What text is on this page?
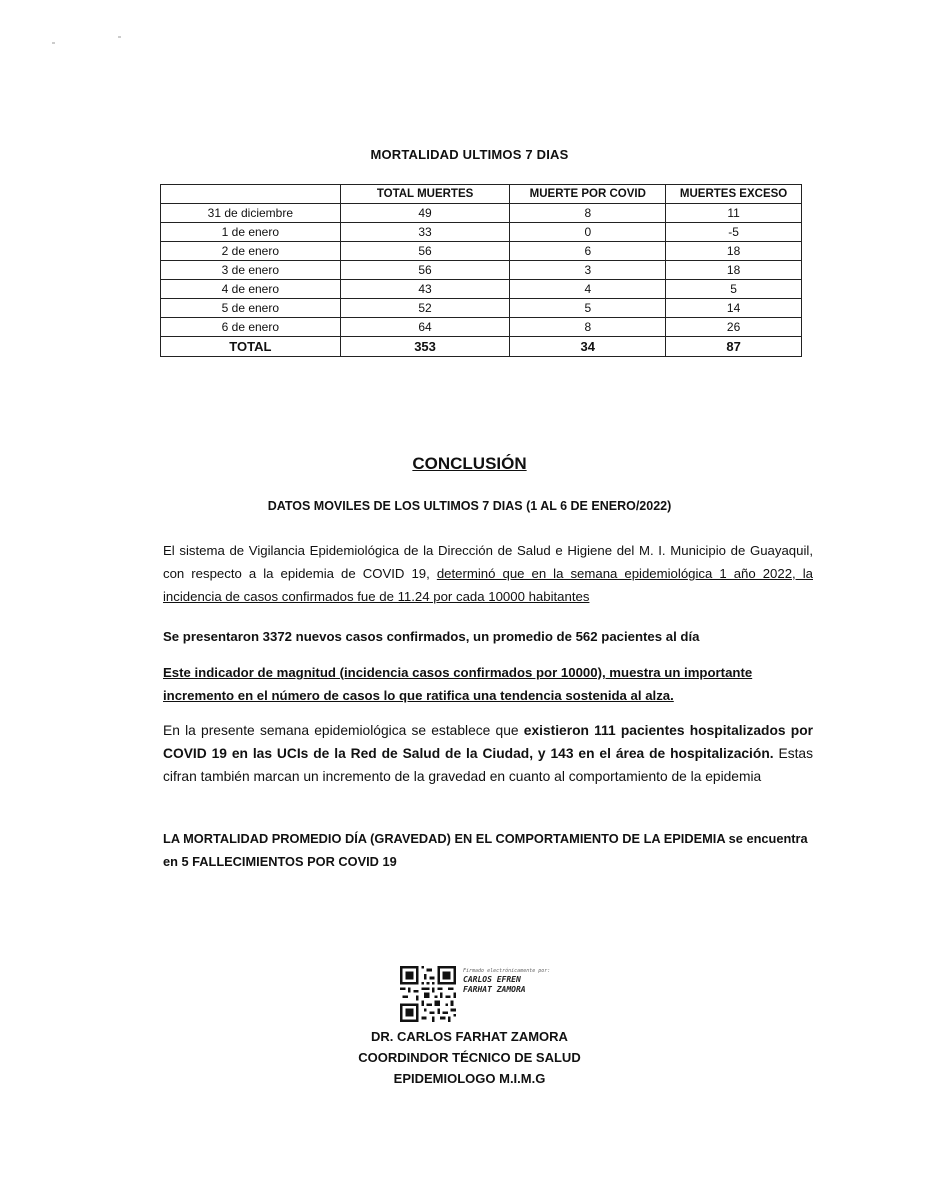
MORTALIDAD ULTIMOS 7 DIAS
	TOTAL MUERTES	MUERTE POR COVID	MUERTES EXCESO
31 de diciembre	49	8	11
1 de enero	33	0	-5
2 de enero	56	6	18
3 de enero	56	3	18
4 de enero	43	4	5
5 de enero	52	5	14
6 de enero	64	8	26
TOTAL	353	34	87
CONCLUSIÓN
DATOS MOVILES DE LOS ULTIMOS 7 DIAS (1 AL 6 DE ENERO/2022)
El sistema de Vigilancia Epidemiológica de la Dirección de Salud e Higiene del M. I. Municipio de Guayaquil, con respecto a la epidemia de COVID 19, determinó que en la semana epidemiológica 1 año 2022, la incidencia de casos confirmados fue de 11.24 por cada 10000 habitantes
Se presentaron 3372 nuevos casos confirmados, un promedio de 562 pacientes al día
Este indicador de magnitud (incidencia casos confirmados por 10000), muestra un importante incremento en el número de casos lo que ratifica una tendencia sostenida al alza.
En la presente semana epidemiológica se establece que existieron 111 pacientes hospitalizados por COVID 19 en las UCIs de la Red de Salud de la Ciudad, y 143 en el área de hospitalización. Estas cifran también marcan un incremento de la gravedad en cuanto al comportamiento de la epidemia
LA MORTALIDAD PROMEDIO DÍA (GRAVEDAD) EN EL COMPORTAMIENTO DE LA EPIDEMIA se encuentra en 5 FALLECIMIENTOS POR COVID 19
Firmado electrónicamente por:
CARLOS EFREN
FARHAT ZAMORA
DR. CARLOS FARHAT ZAMORA
COORDINDOR TÉCNICO DE SALUD
EPIDEMIOLOGO M.I.M.G
